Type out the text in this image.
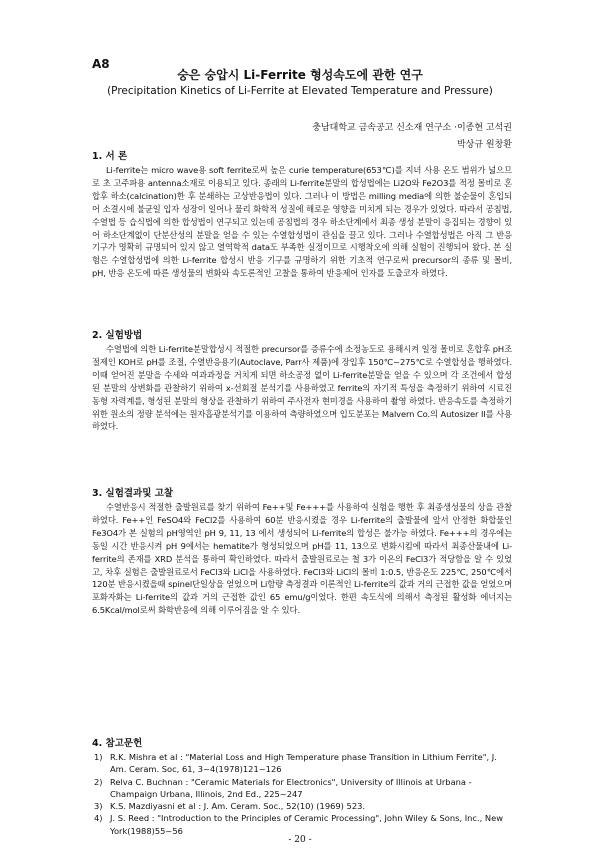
A8
숭은 숭압시 Li-Ferrite 형성속도에 관한 연구
(Precipitation Kinetics of Li-Ferrite at Elevated Temperature and Pressure)
충남대학교 금속공고 신소재 연구소 ·이종현 고석권
박상규 원창환
1. 서 론

Li-ferrite는 micro wave용 soft ferrite로써 높은 curie temperature(653℃)를 지녀 사용 온도 범위가 넓으므로 초 고주파용 antenna소재로 이용되고 있다. 종래의 Li-ferrite분말의 합성법에는 Li2O와 Fe2O3를 적정 몰비로 혼합후 하소(calcination)한 후 분쇄하는 고상반응법이 있다. 그러나 이 방법은 milling media에 의한 불순물이 혼입되어 소결시에 불균일 입자 성장이 일어나 물리 화학적 성질에 해로운 영향을 미치게 되는 경우가 있었다. 따라서 공침법, 수열법 등 습식법에 의한 합성법이 연구되고 있는데 공침법의 경우 하소단계에서 최종 생성 분말이 응집되는 경향이 있어 하소단계없이 단분산성의 분말을 얻을 수 있는 수열합성법이 관심을 끌고 있다. 그러나 수열합성법은 아직 그 반응 기구가 명확히 규명되어 있지 않고 열역학적 data도 부족한 실정이므로 시행착오에 의해 실험이 진행되어 왔다. 본 실험은 수열합성법에 의한 Li-ferrite 합성시 반응 기구를 규명하기 위한 기초적 연구로써 precursor의 종류 및 몰비, pH, 반응 온도에 따른 생성물의 변화와 속도론적인 고찰을 통하여 반응제어 인자를 도출코자 하였다.

2. 실험방법

수열법에 의한 Li-ferrite분말합성시 적절한 precursor를 증류수에 소정농도로 용해시켜 일정 몰비로 혼합후 pH조절제인 KOH로 pH를 조절, 수열반응용기(Autoclave, Parr사 제품)에 장입후 150℃~275℃로 수열합성을 행하였다. 이때 얻어진 분말을 수세와 여과과정을 거치게 되면 하소공정 없이 Li-ferrite분말을 얻을 수 있으며 각 조건에서 합성된 분말의 상변화를 관찰하기 위하여 x-선회절 분석기를 사용하였고 ferrite의 자기적 특성을 측정하기 위하여 시료진동형 자력계를, 형성된 분말의 형상을 관찰하기 위하여 주사전자 현미경을 사용하여 촬영 하였다. 반응속도를 측정하기 위한 원소의 정량 분석에는 원자흡광분석기를 이용하여 측량하였으며 입도분포는 Malvern Co.의 Autosizer II를 사용하였다.

3. 실험결과및 고찰

수열반응시 적절한 출발원료를 찾기 위하여 Fe++및 Fe+++를 사용하여 실험을 행한 후 최종생성물의 상을 관찰 하였다. Fe++인 FeSO4와 FeCl2를 사용하여 60분 반응시켰을 경우 Li-ferrite의 출발물에 앞서 안정한 화합물인 Fe3O4가 본 실험의 pH영역인 pH 9, 11, 13 에서 생성되어 Li-ferrite의 합성은 불가능 하였다. Fe+++의 경우에는 동일 시간 반응시켜 pH 9에서는 hematite가 형성되었으며 pH를 11, 13으로 변화시킴에 따라서 최종산물내에 Li-ferrite의 존재를 XRD 분석을 통하여 확인하였다. 따라서 출발원료로는 철 3가 이온의 FeCl3가 적당함을 알 수 있었고, 차후 실험은 출발원료로서 FeCl3와 LiCl을 사용하였다. FeCl3와 LiCl의 몰비 1:0.5, 반응온도 225℃, 250℃에서120분 반응시켰을때 spinel단일상을 얻었으며 Li함량 측정결과 이론적인 Li-ferrite의 값과 거의 근접한 값을 얻었으며 포화자화는 Li-ferrite의 값과 거의 근접한 값인 65 emu/g이었다. 한편 속도식에 의해서 측정된 활성화 에너지는 6.5Kcal/mol로써 화학반응에 의해 이루어짐을 알 수 있다.

4. 참고문헌
1) R.K. Mishra et al : "Material Loss and High Temperature phase Transition in Lithium Ferrite", J. Am. Ceram. Soc, 61, 3~4(1978)121~126
2) Relva C. Buchnan : "Ceramic Materials for Electronics", University of Illinois at Urbana - Champaign Urbana, Illinois, 2nd Ed., 225~247
3) K.S. Mazdiyasni et al : J. Am. Ceram. Soc., 52(10) (1969) 523.
4) J. S. Reed : "Introduction to the Principles of Ceramic Processing", John Wiley & Sons, Inc., New York(1988)55~56
- 20 -
